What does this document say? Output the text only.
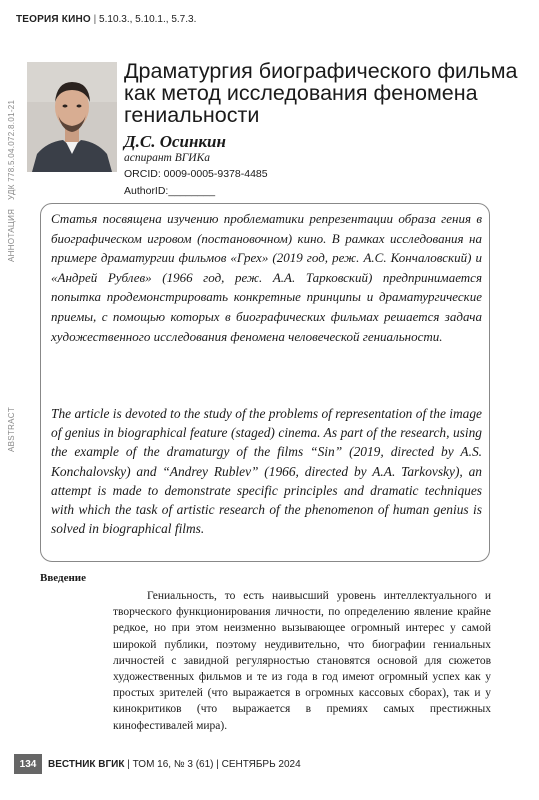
ТЕОРИЯ КИНО | 5.10.3., 5.10.1., 5.7.3.
УДК 778.5.04.072.8.01-21
АННОТАЦИЯ
ABSTRACT
Драматургия биографического фильма как метод исследования феномена гениальности
Д.С. Осинкин
аспирант ВГИКа
ORCID: 0009-0005-9378-4485
AuthorID:________
Статья посвящена изучению проблематики репрезентации образа гения в биографическом игровом (постановочном) кино. В рамках исследования на примере драматургии фильмов «Грех» (2019 год, реж. А.С. Кончаловский) и «Андрей Рублев» (1966 год, реж. А.А. Тарковский) предпринимается попытка продемонстрировать конкретные принципы и драматургические приемы, с помощью которых в биографических фильмах решается задача художественного исследования феномена человеческой гениальности.
The article is devoted to the study of the problems of representation of the image of genius in biographical feature (staged) cinema. As part of the research, using the example of the dramaturgy of the films “Sin” (2019, directed by A.S. Konchalovsky) and “Andrey Rublev” (1966, directed by A.A. Tarkovsky), an attempt is made to demonstrate specific principles and dramatic techniques with which the task of artistic research of the phenomenon of human genius is solved in biographical films.
Введение
Гениальность, то есть наивысший уровень интеллектуального и творческого функционирования личности, по определению явление крайне редкое, но при этом неизменно вызывающее огромный интерес у самой широкой публики, поэтому неудивительно, что биографии гениальных личностей с завидной регулярностью становятся основой для сюжетов художественных фильмов и те из года в год имеют огромный успех как у простых зрителей (что выражается в огромных кассовых сборах), так и у кинокритиков (что выражается в премиях самых престижных кинофестивалей мира).
134	ВЕСТНИК ВГИК | ТОМ 16, № 3 (61) | СЕНТЯБРЬ 2024
